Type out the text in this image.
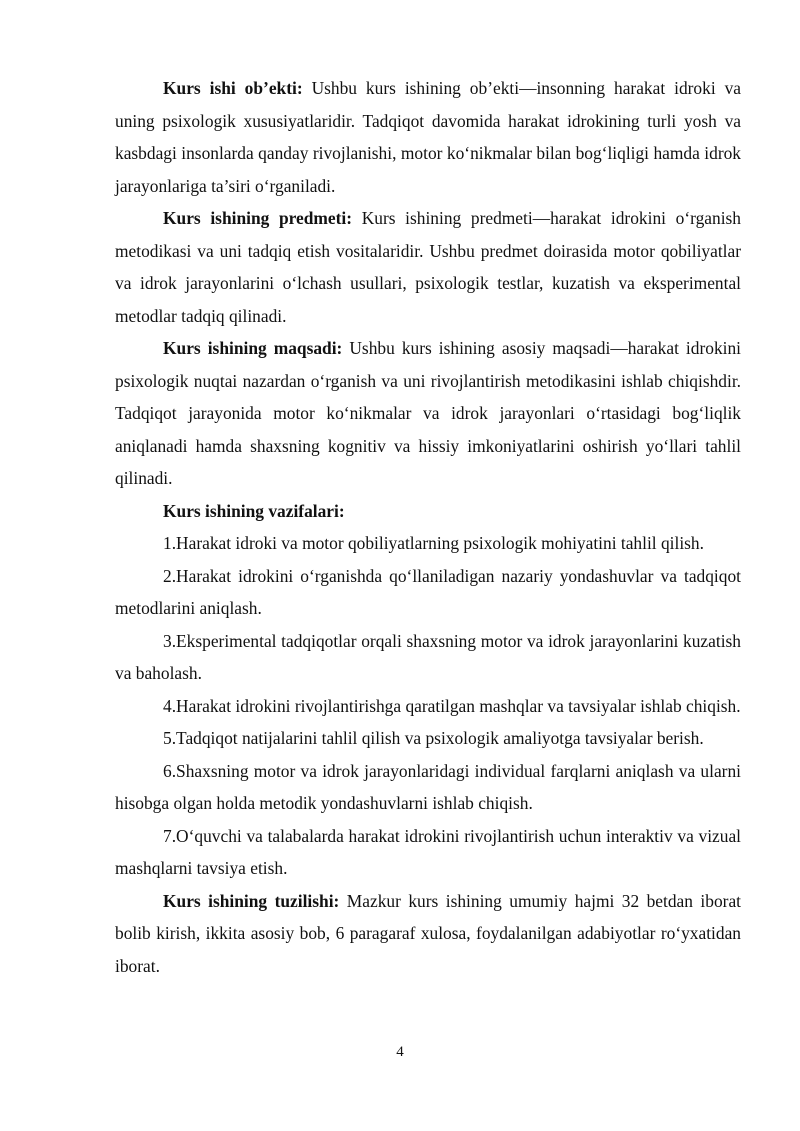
Kurs ishi ob’ekti: Ushbu kurs ishining ob’ekti—insonning harakat idroki va uning psixologik xususiyatlaridir. Tadqiqot davomida harakat idrokining turli yosh va kasbdagi insonlarda qanday rivojlanishi, motor ko‘nikmalar bilan bog‘liqligi hamda idrok jarayonlariga ta’siri o‘rganiladi.

Kurs ishining predmeti: Kurs ishining predmeti—harakat idrokini o‘rganish metodikasi va uni tadqiq etish vositalaridir. Ushbu predmet doirasida motor qobiliyatlar va idrok jarayonlarini o‘lchash usullari, psixologik testlar, kuzatish va eksperimental metodlar tadqiq qilinadi.

Kurs ishining maqsadi: Ushbu kurs ishining asosiy maqsadi—harakat idrokini psixologik nuqtai nazardan o‘rganish va uni rivojlantirish metodikasini ishlab chiqishdir. Tadqiqot jarayonida motor ko‘nikmalar va idrok jarayonlari o‘rtasidagi bog‘liqlik aniqlanadi hamda shaxsning kognitiv va hissiy imkoniyatlarini oshirish yo‘llari tahlil qilinadi.

Kurs ishining vazifalari:

1.Harakat idroki va motor qobiliyatlarning psixologik mohiyatini tahlil qilish.

2.Harakat idrokini o‘rganishda qo‘llaniladigan nazariy yondashuvlar va tadqiqot metodlarini aniqlash.

3.Eksperimental tadqiqotlar orqali shaxsning motor va idrok jarayonlarini kuzatish va baholash.

4.Harakat idrokini rivojlantirishga qaratilgan mashqlar va tavsiyalar ishlab chiqish.

5.Tadqiqot natijalarini tahlil qilish va psixologik amaliyotga tavsiyalar berish.

6.Shaxsning motor va idrok jarayonlaridagi individual farqlarni aniqlash va ularni hisobga olgan holda metodik yondashuvlarni ishlab chiqish.

7.O‘quvchi va talabalarda harakat idrokini rivojlantirish uchun interaktiv va vizual mashqlarni tavsiya etish.

Kurs ishining tuzilishi: Mazkur kurs ishining umumiy hajmi 32 betdan iborat bolib kirish, ikkita asosiy bob, 6 paragaraf xulosa, foydalanilgan adabiyotlar ro‘yxatidan iborat.

4
